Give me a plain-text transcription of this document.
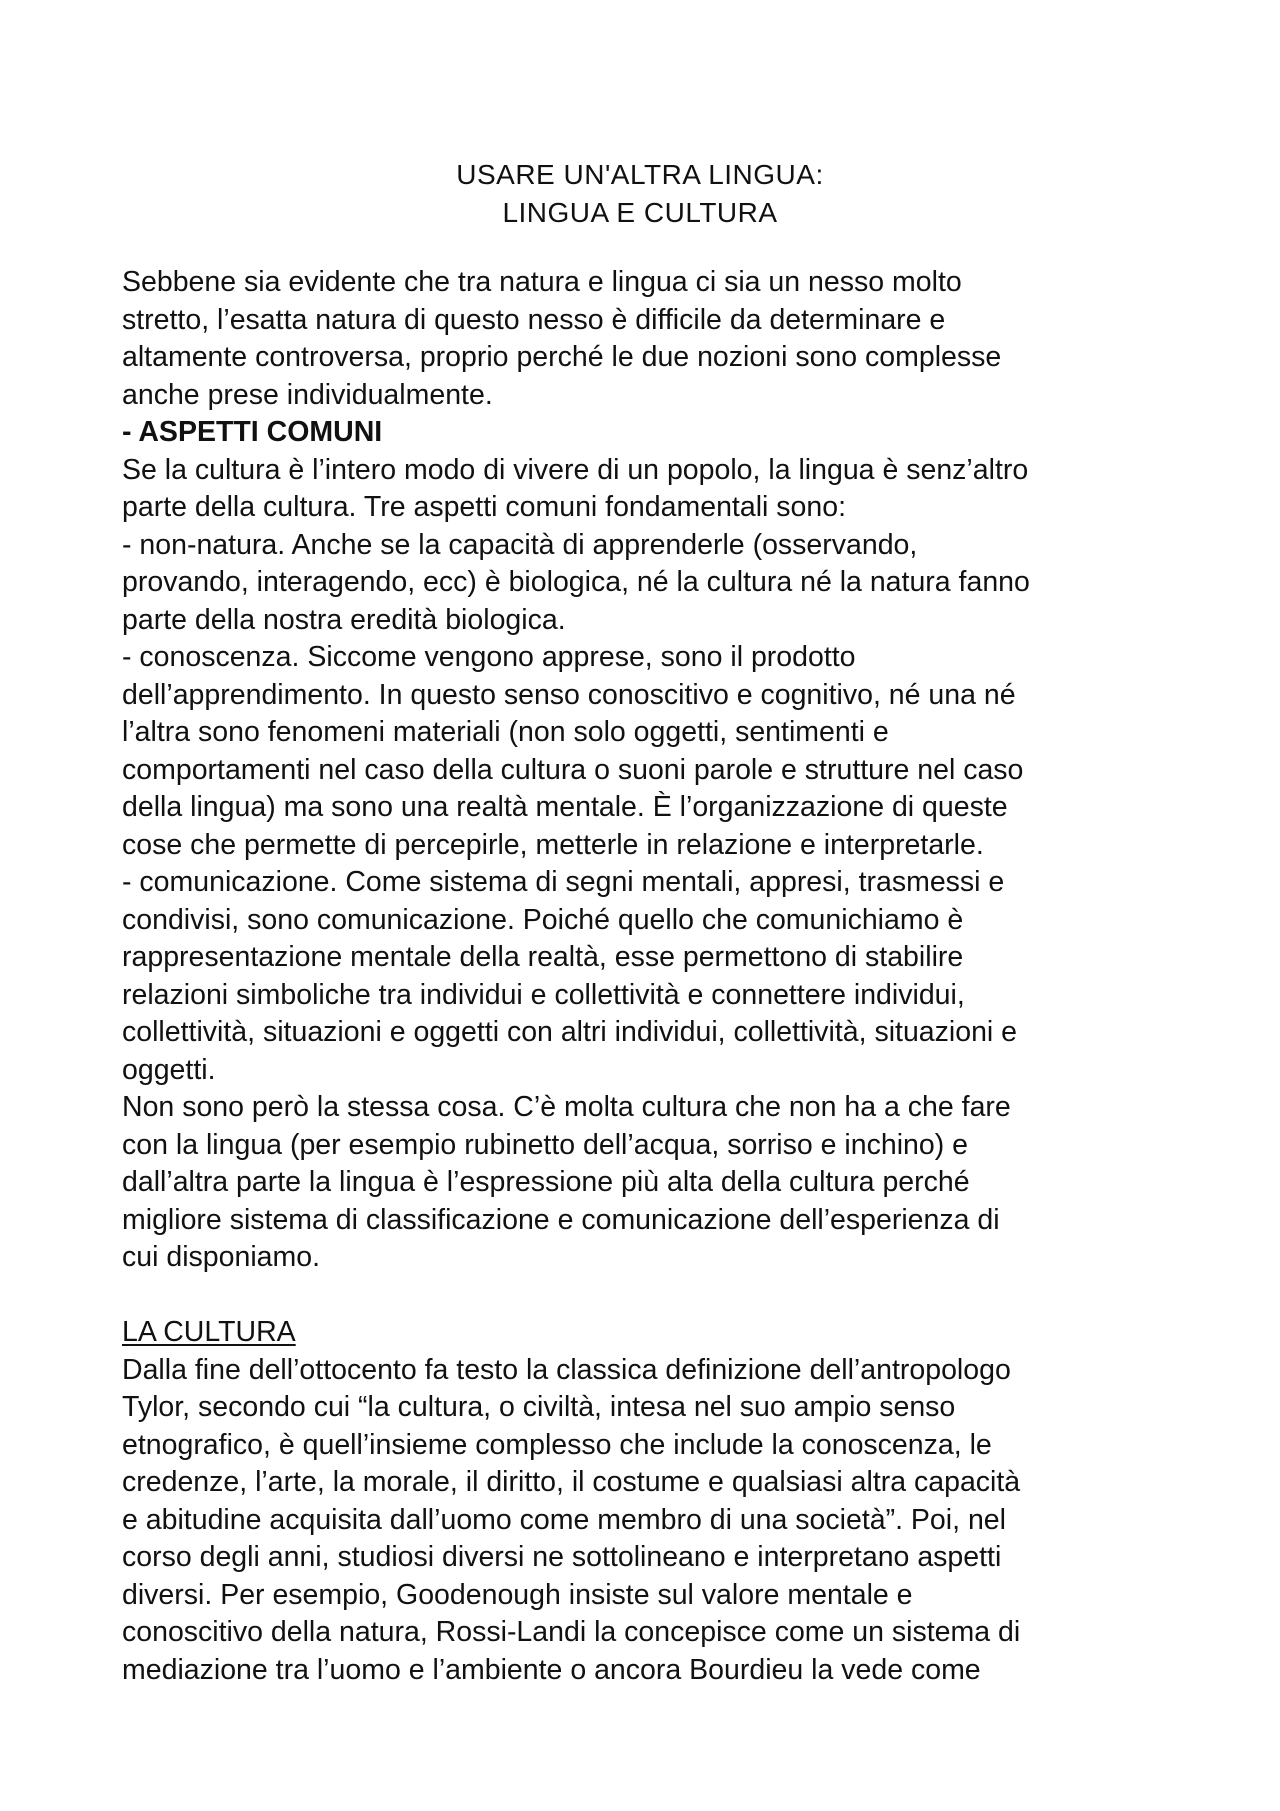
USARE UN'ALTRA LINGUA:
LINGUA E CULTURA
Sebbene sia evidente che tra natura e lingua ci sia un nesso molto
stretto, l’esatta natura di questo nesso è difficile da determinare e
altamente controversa, proprio perché le due nozioni sono complesse
anche prese individualmente.
- ASPETTI COMUNI
Se la cultura è l’intero modo di vivere di un popolo, la lingua è senz’altro
parte della cultura. Tre aspetti comuni fondamentali sono:
- non-natura. Anche se la capacità di apprenderle (osservando,
provando, interagendo, ecc) è biologica, né la cultura né la natura fanno
parte della nostra eredità biologica.
- conoscenza. Siccome vengono apprese, sono il prodotto
dell’apprendimento. In questo senso conoscitivo e cognitivo, né una né
l’altra sono fenomeni materiali (non solo oggetti, sentimenti e
comportamenti nel caso della cultura o suoni parole e strutture nel caso
della lingua) ma sono una realtà mentale. È l’organizzazione di queste
cose che permette di percepirle, metterle in relazione e interpretarle.
- comunicazione. Come sistema di segni mentali, appresi, trasmessi e
condivisi, sono comunicazione. Poiché quello che comunichiamo è
rappresentazione mentale della realtà, esse permettono di stabilire
relazioni simboliche tra individui e collettività e connettere individui,
collettività, situazioni e oggetti con altri individui, collettività, situazioni e
oggetti.
Non sono però la stessa cosa. C’è molta cultura che non ha a che fare
con la lingua (per esempio rubinetto dell’acqua, sorriso e inchino) e
dall’altra parte la lingua è l’espressione più alta della cultura perché
migliore sistema di classificazione e comunicazione dell’esperienza di
cui disponiamo.
LA CULTURA
Dalla fine dell’ottocento fa testo la classica definizione dell’antropologo
Tylor, secondo cui “la cultura, o civiltà, intesa nel suo ampio senso
etnografico, è quell’insieme complesso che include la conoscenza, le
credenze, l’arte, la morale, il diritto, il costume e qualsiasi altra capacità
e abitudine acquisita dall’uomo come membro di una società”. Poi, nel
corso degli anni, studiosi diversi ne sottolineano e interpretano aspetti
diversi. Per esempio, Goodenough insiste sul valore mentale e
conoscitivo della natura, Rossi-Landi la concepisce come un sistema di
mediazione tra l’uomo e l’ambiente o ancora Bourdieu la vede come
